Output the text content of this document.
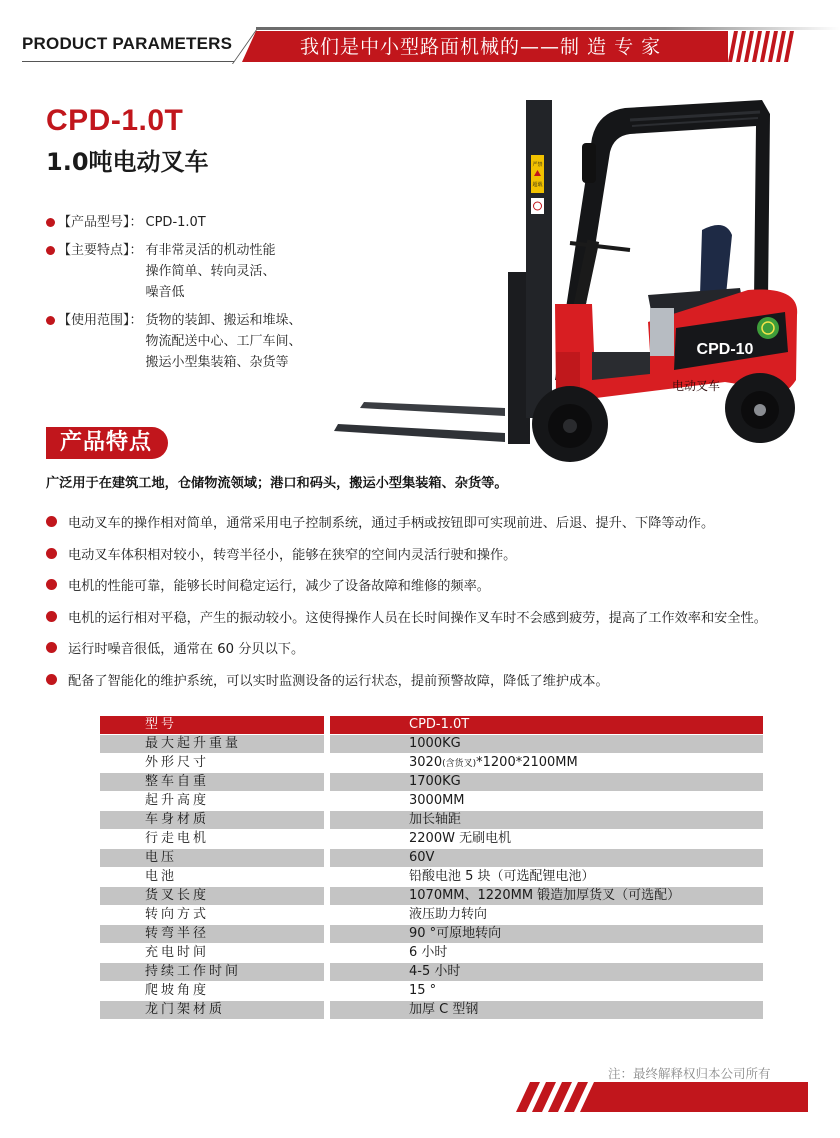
PRODUCT PARAMETERS	我们是中小型路面机械的——制 造 专 家
CPD-1.0T
1.0吨电动叉车
【产品型号】： CPD-1.0T
【主要特点】： 有非常灵活的机动性能
操作简单、转向灵活、
噪音低
【使用范围】： 货物的装卸、搬运和堆垛、
物流配送中心、工厂车间、
搬运小型集装箱、杂货等
严禁
超载
CPD-10
电动叉车
产品特点
广泛用于在建筑工地，仓储物流领域；港口和码头，搬运小型集装箱、杂货等。
电动叉车的操作相对简单，通常采用电子控制系统，通过手柄或按钮即可实现前进、后退、提升、下降等动作。
电动叉车体积相对较小，转弯半径小，能够在狭窄的空间内灵活行驶和操作。
电机的性能可靠，能够长时间稳定运行，减少了设备故障和维修的频率。
电机的运行相对平稳，产生的振动较小。这使得操作人员在长时间操作叉车时不会感到疲劳，提高了工作效率和安全性。
运行时噪音很低，通常在 60 分贝以下。
配备了智能化的维护系统，可以实时监测设备的运行状态，提前预警故障，降低了维护成本。
型号	CPD-1.0T
最大起升重量	1000KG
外形尺寸	3020(含货叉)*1200*2100MM
整车自重	1700KG
起升高度	3000MM
车身材质	加长轴距
行走电机	2200W 无刷电机
电压	60V
电池	铅酸电池 5 块（可选配锂电池）
货叉长度	1070MM、1220MM 锻造加厚货叉（可选配）
转向方式	液压助力转向
转弯半径	90 °可原地转向
充电时间	6 小时
持续工作时间	4-5 小时
爬坡角度	15 °
龙门架材质	加厚 C 型钢
注：最终解释权归本公司所有
